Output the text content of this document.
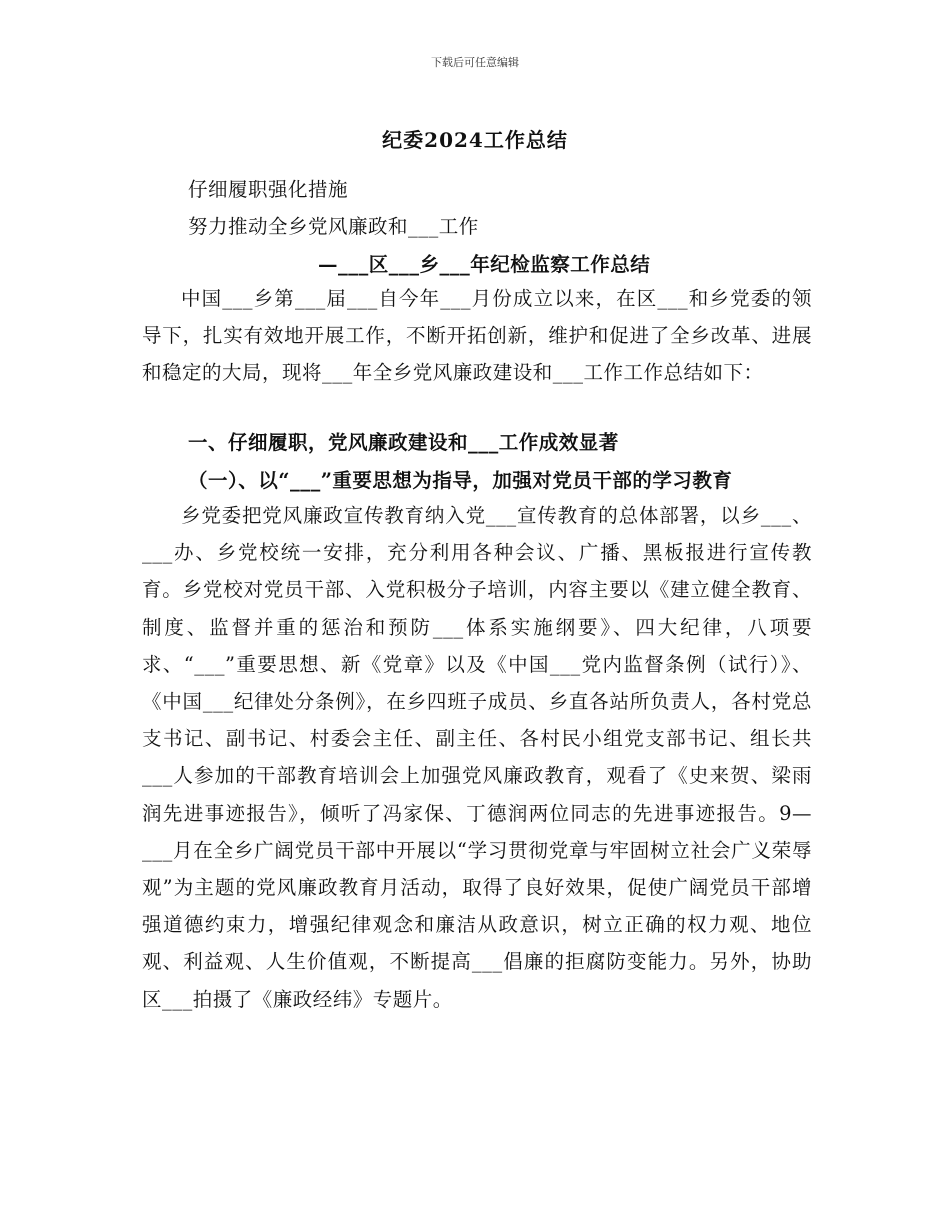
下载后可任意编辑
纪委2024工作总结
仔细履职强化措施
努力推动全乡党风廉政和___工作
—___区___乡___年纪检监察工作总结

中国___乡第___届___自今年___月份成立以来，在区___和乡党委的领导下，扎实有效地开展工作，不断开拓创新，维护和促进了全乡改革、进展和稳定的大局，现将___年全乡党风廉政建设和___工作工作总结如下：

一、仔细履职，党风廉政建设和___工作成效显著
（一）、以“___”重要思想为指导，加强对党员干部的学习教育

乡党委把党风廉政宣传教育纳入党___宣传教育的总体部署，以乡___、___办、乡党校统一安排，充分利用各种会议、广播、黑板报进行宣传教育。乡党校对党员干部、入党积极分子培训，内容主要以《建立健全教育、制度、监督并重的惩治和预防___体系实施纲要》、四大纪律，八项要求、“___”重要思想、新《党章》以及《中国___党内监督条例（试行）》、《中国___纪律处分条例》，在乡四班子成员、乡直各站所负责人，各村党总支书记、副书记、村委会主任、副主任、各村民小组党支部书记、组长共___人参加的干部教育培训会上加强党风廉政教育，观看了《史来贺、梁雨润先进事迹报告》，倾听了冯家保、丁德润两位同志的先进事迹报告。9—___月在全乡广阔党员干部中开展以“学习贯彻党章与牢固树立社会广义荣辱观”为主题的党风廉政教育月活动，取得了良好效果，促使广阔党员干部增强道德约束力，增强纪律观念和廉洁从政意识，树立正确的权力观、地位观、利益观、人生价值观，不断提高___倡廉的拒腐防变能力。另外，协助区___拍摄了《廉政经纬》专题片。
